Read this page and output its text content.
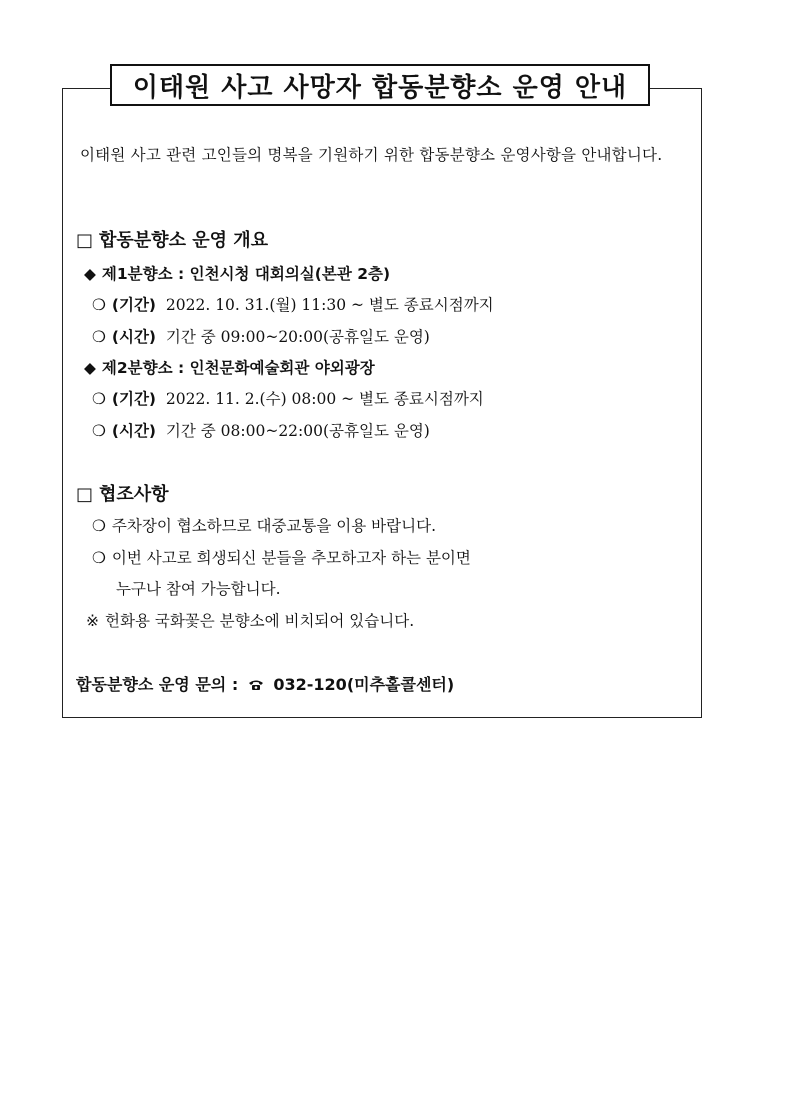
이태원 사고 사망자 합동분향소 운영 안내
이태원 사고 관련 고인들의 명복을 기원하기 위한 합동분향소 운영사항을 안내합니다.
□ 합동분향소 운영 개요
◆ 제1분향소 : 인천시청 대회의실(본관 2층)
❍ (기간) 2022. 10. 31.(월) 11:30 ~ 별도 종료시점까지
❍ (시간) 기간 중 09:00~20:00(공휴일도 운영)
◆ 제2분향소 : 인천문화예술회관 야외광장
❍ (기간) 2022. 11. 2.(수) 08:00 ~ 별도 종료시점까지
❍ (시간) 기간 중 08:00~22:00(공휴일도 운영)
□ 협조사항
❍ 주차장이 협소하므로 대중교통을 이용 바랍니다.
❍ 이번 사고로 희생되신 분들을 추모하고자 하는 분이면
누구나 참여 가능합니다.
※ 헌화용 국화꽃은 분향소에 비치되어 있습니다.
합동분향소 운영 문의 : 032-120(미추홀콜센터)
